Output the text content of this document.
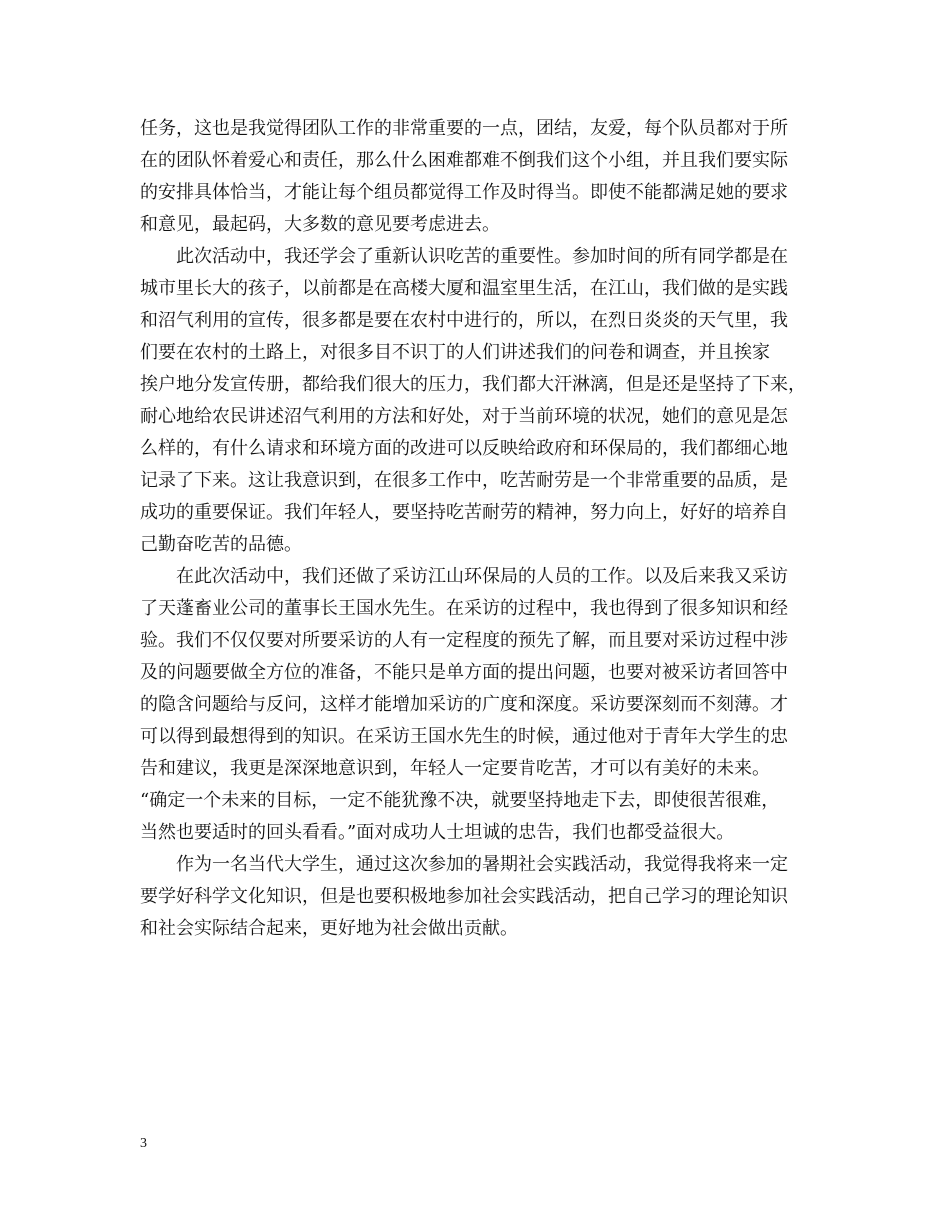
任务，这也是我觉得团队工作的非常重要的一点，团结，友爱，每个队员都对于所
在的团队怀着爱心和责任，那么什么困难都难不倒我们这个小组，并且我们要实际
的安排具体恰当，才能让每个组员都觉得工作及时得当。即使不能都满足她的要求
和意见，最起码，大多数的意见要考虑进去。
此次活动中，我还学会了重新认识吃苦的重要性。参加时间的所有同学都是在
城市里长大的孩子，以前都是在高楼大厦和温室里生活，在江山，我们做的是实践
和沼气利用的宣传，很多都是要在农村中进行的，所以，在烈日炎炎的天气里，我
们要在农村的土路上，对很多目不识丁的人们讲述我们的问卷和调查，并且挨家
挨户地分发宣传册，都给我们很大的压力，我们都大汗淋漓，但是还是坚持了下来，
耐心地给农民讲述沼气利用的方法和好处，对于当前环境的状况，她们的意见是怎
么样的，有什么请求和环境方面的改进可以反映给政府和环保局的，我们都细心地
记录了下来。这让我意识到，在很多工作中，吃苦耐劳是一个非常重要的品质，是
成功的重要保证。我们年轻人，要坚持吃苦耐劳的精神，努力向上，好好的培养自
己勤奋吃苦的品德。
在此次活动中，我们还做了采访江山环保局的人员的工作。以及后来我又采访
了天蓬畜业公司的董事长王国水先生。在采访的过程中，我也得到了很多知识和经
验。我们不仅仅要对所要采访的人有一定程度的预先了解，而且要对采访过程中涉
及的问题要做全方位的准备，不能只是单方面的提出问题，也要对被采访者回答中
的隐含问题给与反问，这样才能增加采访的广度和深度。采访要深刻而不刻薄。才
可以得到最想得到的知识。在采访王国水先生的时候，通过他对于青年大学生的忠
告和建议，我更是深深地意识到，年轻人一定要肯吃苦，才可以有美好的未来。
“确定一个未来的目标，一定不能犹豫不决，就要坚持地走下去，即使很苦很难，
当然也要适时的回头看看。”面对成功人士坦诚的忠告，我们也都受益很大。
作为一名当代大学生，通过这次参加的暑期社会实践活动，我觉得我将来一定
要学好科学文化知识，但是也要积极地参加社会实践活动，把自己学习的理论知识
和社会实际结合起来，更好地为社会做出贡献。
3
